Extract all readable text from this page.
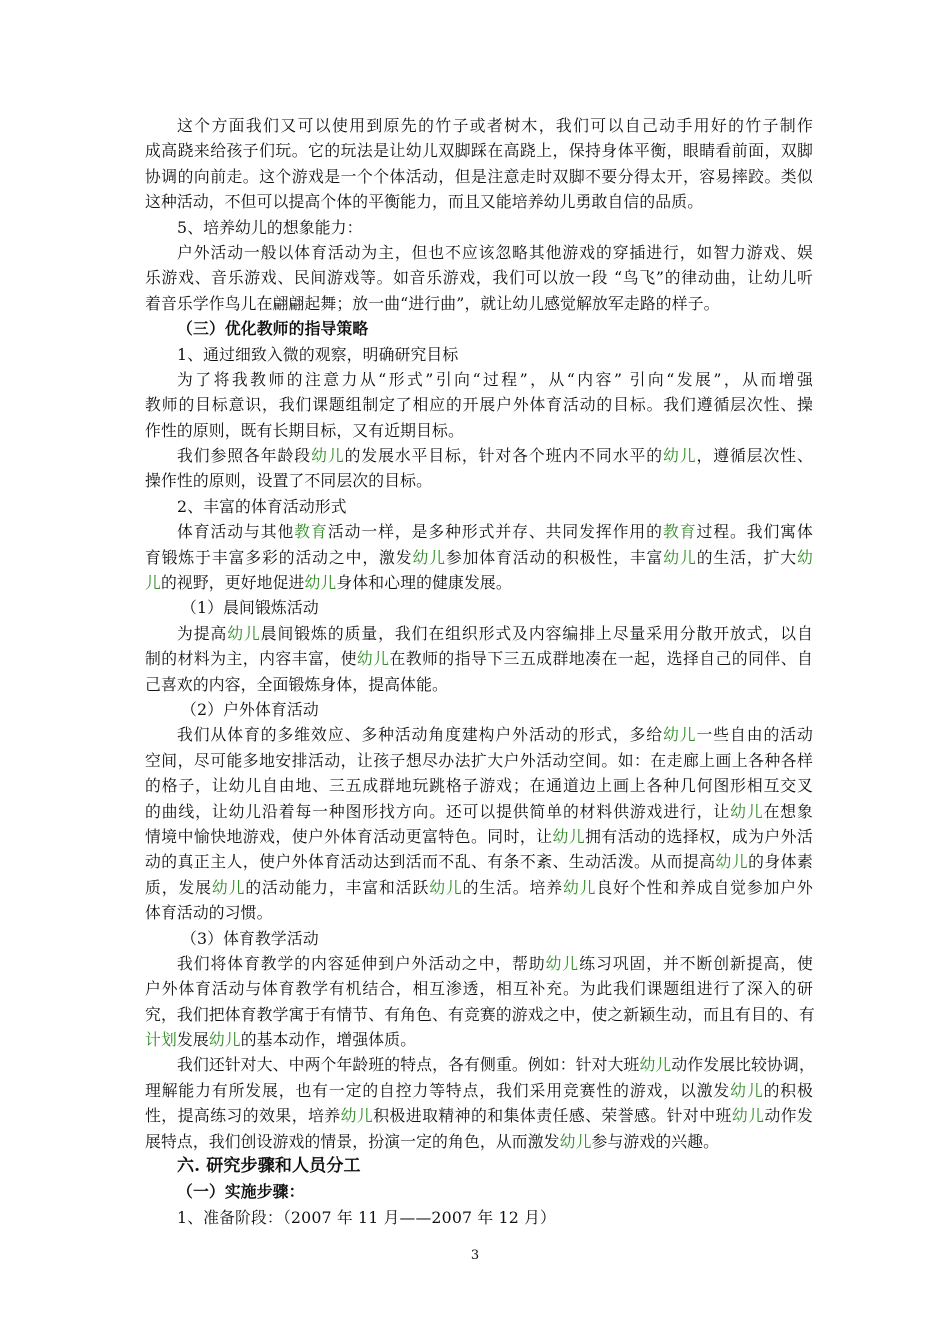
这个方面我们又可以使用到原先的竹子或者树木，我们可以自己动手用好的竹子制作
成高跷来给孩子们玩。它的玩法是让幼儿双脚踩在高跷上，保持身体平衡，眼睛看前面，双脚
协调的向前走。这个游戏是一个个体活动，但是注意走时双脚不要分得太开，容易摔跤。类似
这种活动，不但可以提高个体的平衡能力，而且又能培养幼儿勇敢自信的品质。
5、培养幼儿的想象能力：
户外活动一般以体育活动为主，但也不应该忽略其他游戏的穿插进行，如智力游戏、娱
乐游戏、音乐游戏、民间游戏等。如音乐游戏，我们可以放一段 “鸟飞”的律动曲，让幼儿听
着音乐学作鸟儿在翩翩起舞；放一曲“进行曲”，就让幼儿感觉解放军走路的样子。
（三）优化教师的指导策略
1、通过细致入微的观察，明确研究目标
为了将我教师的注意力从“形式”引向“过程”，从“内容” 引向“发展”，从而增强
教师的目标意识，我们课题组制定了相应的开展户外体育活动的目标。我们遵循层次性、操
作性的原则，既有长期目标，又有近期目标。
我们参照各年龄段幼儿的发展水平目标，针对各个班内不同水平的幼儿，遵循层次性、
操作性的原则，设置了不同层次的目标。
2、丰富的体育活动形式
体育活动与其他教育活动一样，是多种形式并存、共同发挥作用的教育过程。我们寓体
育锻炼于丰富多彩的活动之中，激发幼儿参加体育活动的积极性，丰富幼儿的生活，扩大幼
儿的视野，更好地促进幼儿身体和心理的健康发展。
（1）晨间锻炼活动
为提高幼儿晨间锻炼的质量，我们在组织形式及内容编排上尽量采用分散开放式，以自
制的材料为主，内容丰富，使幼儿在教师的指导下三五成群地凑在一起，选择自己的同伴、自
己喜欢的内容，全面锻炼身体，提高体能。
（2）户外体育活动
我们从体育的多维效应、多种活动角度建构户外活动的形式，多给幼儿一些自由的活动
空间，尽可能多地安排活动，让孩子想尽办法扩大户外活动空间。如：在走廊上画上各种各样
的格子，让幼儿自由地、三五成群地玩跳格子游戏；在通道边上画上各种几何图形相互交叉
的曲线，让幼儿沿着每一种图形找方向。还可以提供简单的材料供游戏进行，让幼儿在想象
情境中愉快地游戏，使户外体育活动更富特色。同时，让幼儿拥有活动的选择权，成为户外活
动的真正主人，使户外体育活动达到活而不乱、有条不紊、生动活泼。从而提高幼儿的身体素
质，发展幼儿的活动能力，丰富和活跃幼儿的生活。培养幼儿良好个性和养成自觉参加户外
体育活动的习惯。
（3）体育教学活动
我们将体育教学的内容延伸到户外活动之中，帮助幼儿练习巩固，并不断创新提高，使
户外体育活动与体育教学有机结合，相互渗透，相互补充。为此我们课题组进行了深入的研
究，我们把体育教学寓于有情节、有角色、有竞赛的游戏之中，使之新颖生动，而且有目的、有
计划发展幼儿的基本动作，增强体质。
我们还针对大、中两个年龄班的特点，各有侧重。例如：针对大班幼儿动作发展比较协调，
理解能力有所发展，也有一定的自控力等特点，我们采用竞赛性的游戏，以激发幼儿的积极
性，提高练习的效果，培养幼儿积极进取精神的和集体责任感、荣誉感。针对中班幼儿动作发
展特点，我们创设游戏的情景，扮演一定的角色，从而激发幼儿参与游戏的兴趣。
六. 研究步骤和人员分工
（一）实施步骤：
1、准备阶段：（2007 年 11 月——2007 年 12 月）
3
